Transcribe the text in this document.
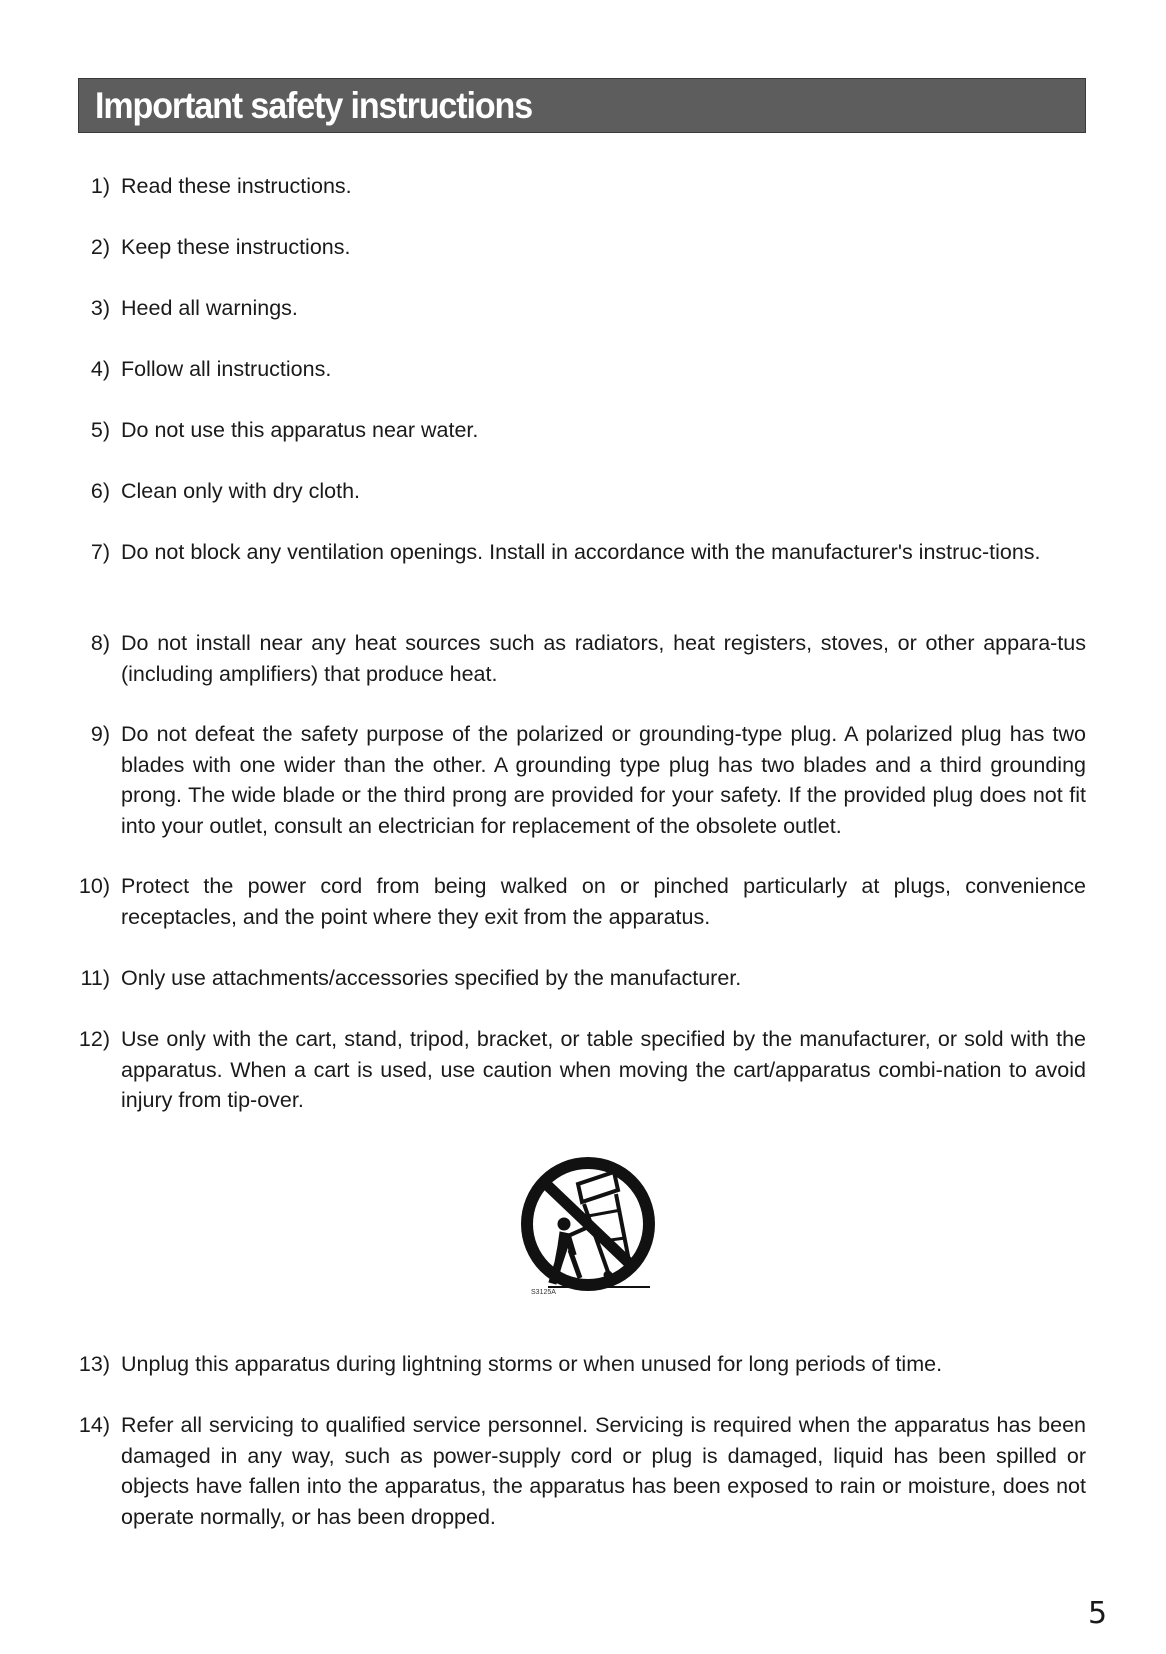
Important safety instructions
1) Read these instructions.
2) Keep these instructions.
3) Heed all warnings.
4) Follow all instructions.
5) Do not use this apparatus near water.
6) Clean only with dry cloth.
7) Do not block any ventilation openings. Install in accordance with the manufacturer's instruc-tions.
8) Do not install near any heat sources such as radiators, heat registers, stoves, or other appara-tus (including amplifiers) that produce heat.
9) Do not defeat the safety purpose of the polarized or grounding-type plug. A polarized plug has two blades with one wider than the other. A grounding type plug has two blades and a third grounding prong. The wide blade or the third prong are provided for your safety. If the provided plug does not fit into your outlet, consult an electrician for replacement of the obsolete outlet.
10) Protect the power cord from being walked on or pinched particularly at plugs, convenience receptacles, and the point where they exit from the apparatus.
11) Only use attachments/accessories specified by the manufacturer.
12) Use only with the cart, stand, tripod, bracket, or table specified by the manufacturer, or sold with the apparatus. When a cart is used, use caution when moving the cart/apparatus combi-nation to avoid injury from tip-over.
S3125A
13) Unplug this apparatus during lightning storms or when unused for long periods of time.
14) Refer all servicing to qualified service personnel. Servicing is required when the apparatus has been damaged in any way, such as power-supply cord or plug is damaged, liquid has been spilled or objects have fallen into the apparatus, the apparatus has been exposed to rain or moisture, does not operate normally, or has been dropped.
5
